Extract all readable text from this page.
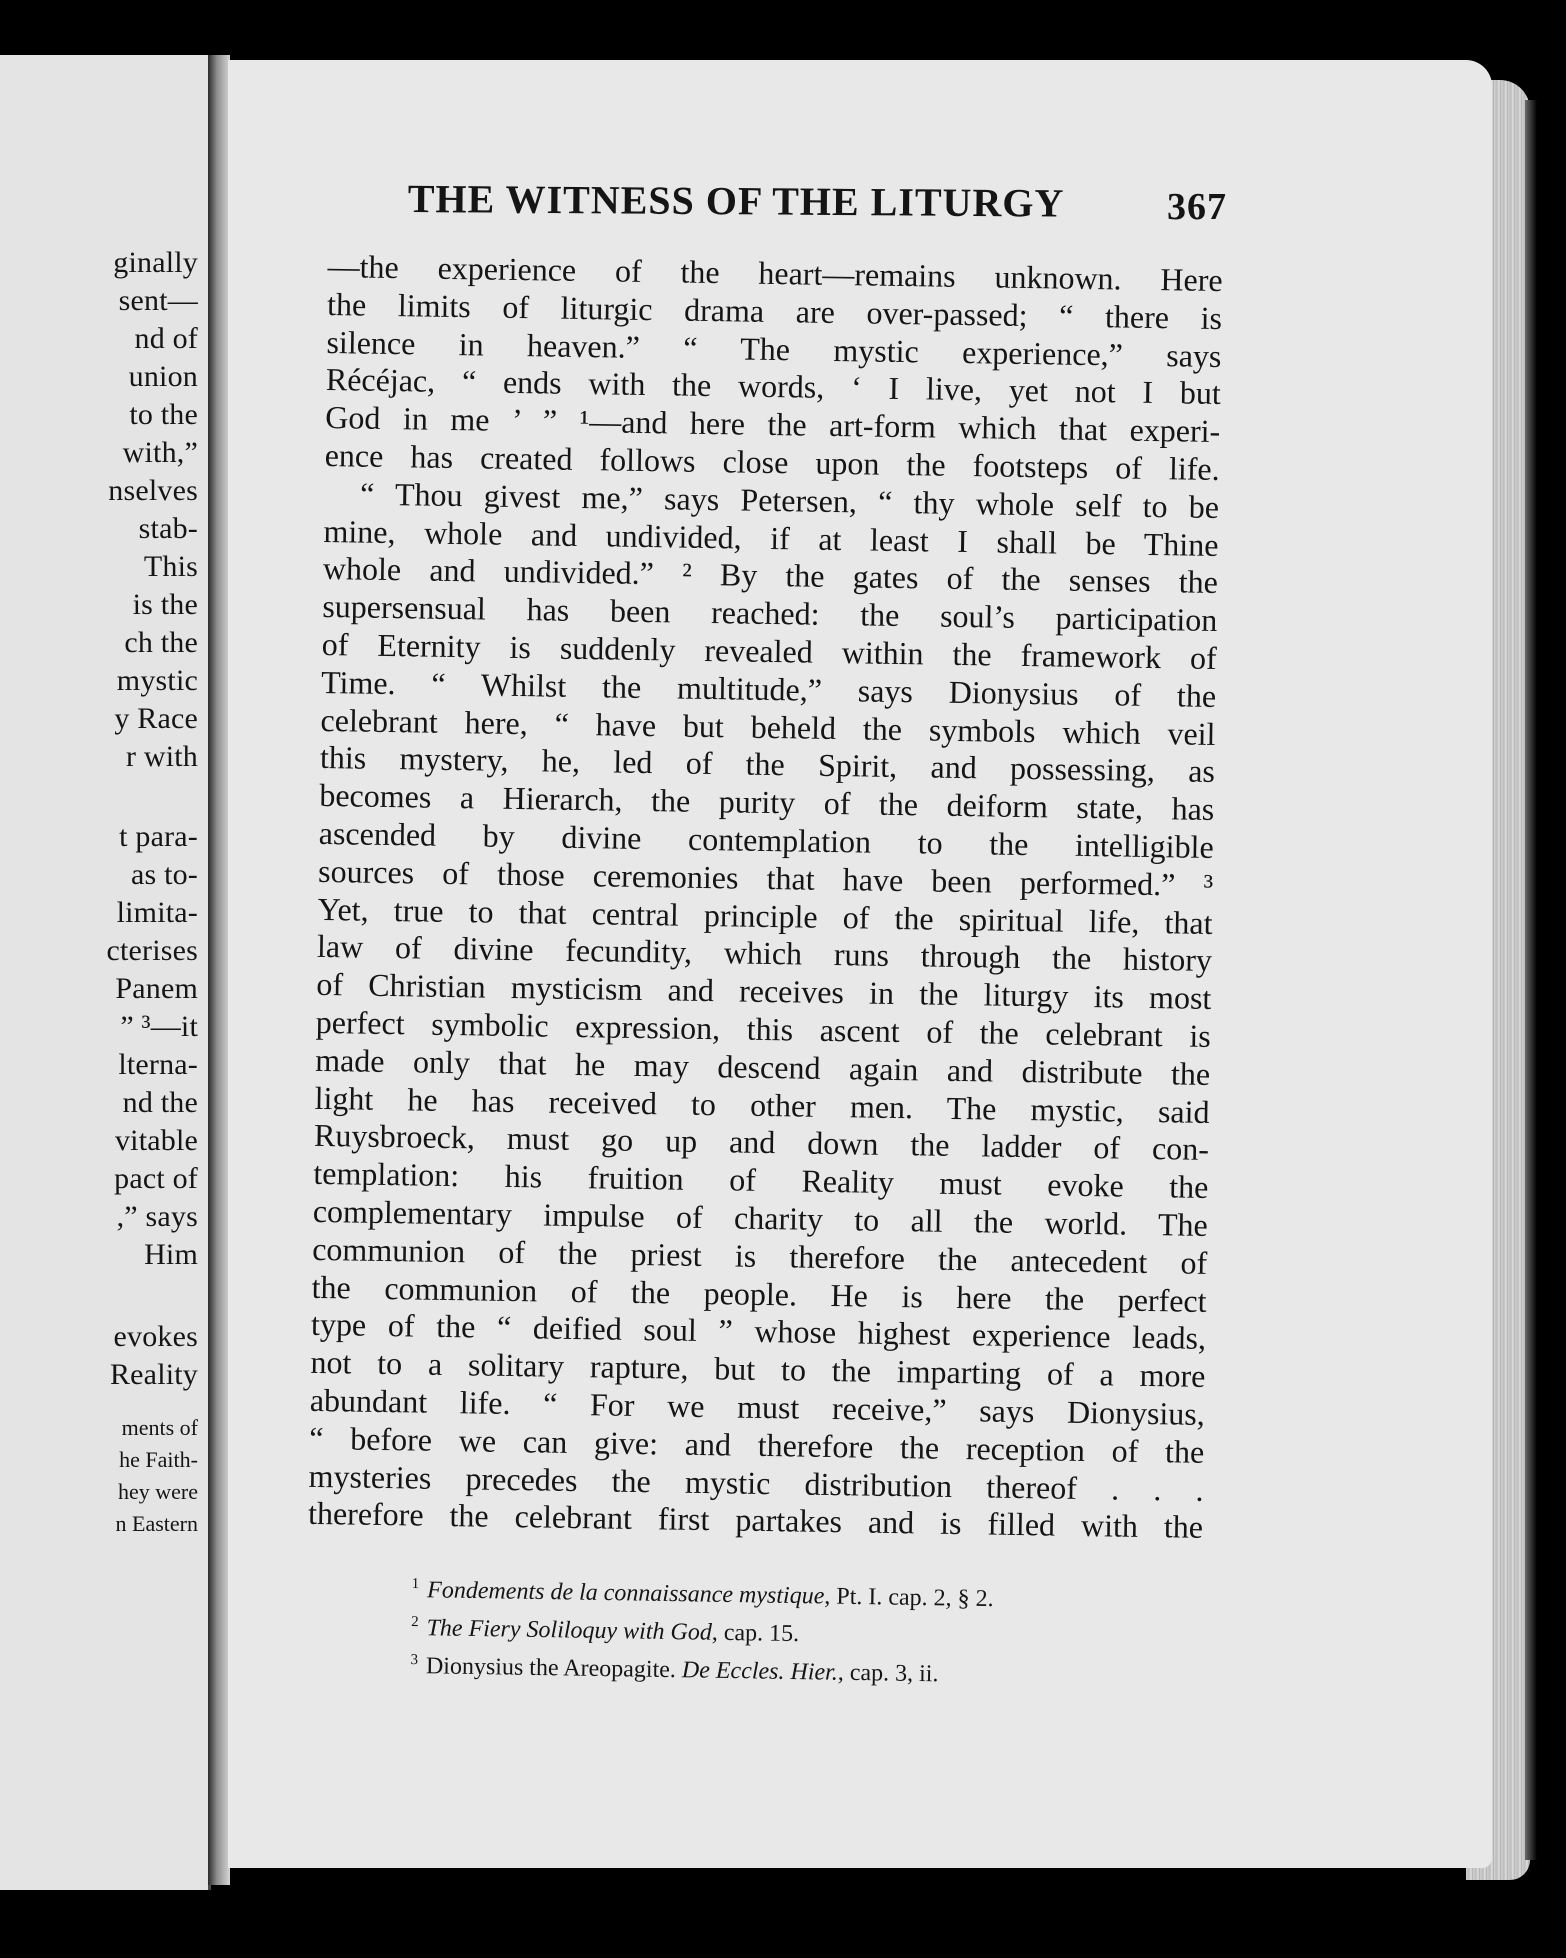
ginally
sent—
nd of
union
to the
with,”
nselves
stab-
This
is the
ch the
mystic
y Race
r with
t para-
as to-
limita-
cterises
Panem
” ³—it
lterna-
nd the
vitable
pact of
,” says
Him
evokes
Reality
ments of
he Faith-
hey were
n Eastern
THE WITNESS OF THE LITURGY	367
—the experience of the heart—remains unknown. Here
the limits of liturgic drama are over-passed; “ there is
silence in heaven.” “ The mystic experience,” says
Récéjac, “ ends with the words, ‘ I live, yet not I but
God in me ’ ” ¹—and here the art-form which that experi-
ence has created follows close upon the footsteps of life.
“ Thou givest me,” says Petersen, “ thy whole self to be
mine, whole and undivided, if at least I shall be Thine
whole and undivided.” ² By the gates of the senses the
supersensual has been reached: the soul’s participation
of Eternity is suddenly revealed within the framework of
Time. “ Whilst the multitude,” says Dionysius of the
celebrant here, “ have but beheld the symbols which veil
this mystery, he, led of the Spirit, and possessing, as
becomes a Hierarch, the purity of the deiform state, has
ascended by divine contemplation to the intelligible
sources of those ceremonies that have been performed.” ³
Yet, true to that central principle of the spiritual life, that
law of divine fecundity, which runs through the history
of Christian mysticism and receives in the liturgy its most
perfect symbolic expression, this ascent of the celebrant is
made only that he may descend again and distribute the
light he has received to other men. The mystic, said
Ruysbroeck, must go up and down the ladder of con-
templation: his fruition of Reality must evoke the
complementary impulse of charity to all the world. The
communion of the priest is therefore the antecedent of
the communion of the people. He is here the perfect
type of the “ deified soul ” whose highest experience leads,
not to a solitary rapture, but to the imparting of a more
abundant life. “ For we must receive,” says Dionysius,
“ before we can give: and therefore the reception of the
mysteries precedes the mystic distribution thereof . . .
therefore the celebrant first partakes and is filled with the
$^1$ Fondements de la connaissance mystique, Pt. I. cap. 2, § 2.
$^2$ The Fiery Soliloquy with God, cap. 15.
$^3$ Dionysius the Areopagite. De Eccles. Hier., cap. 3, ii.
